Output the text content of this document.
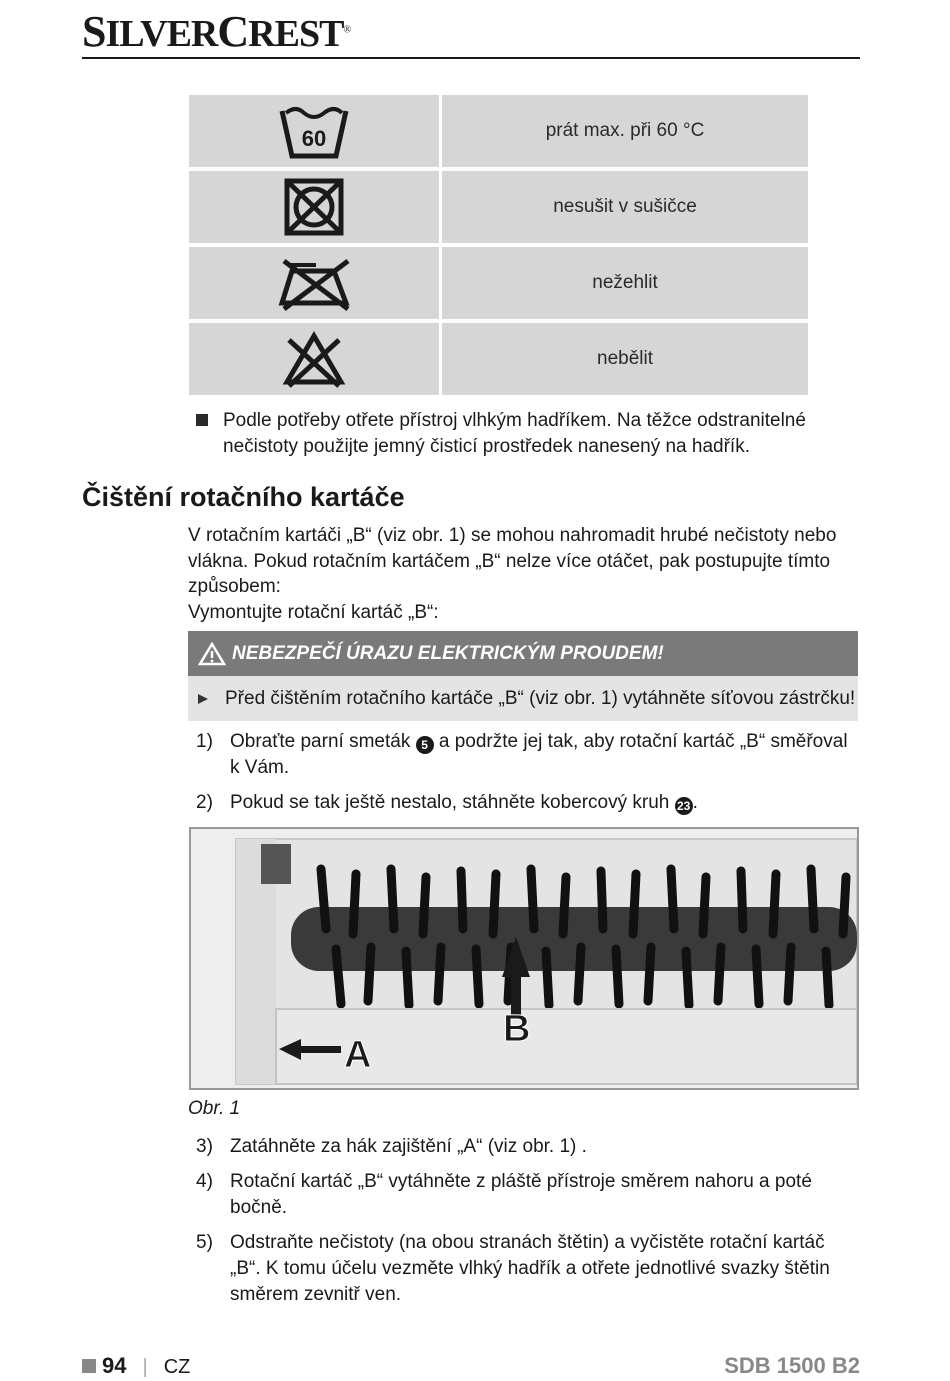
SILVERCREST®
60	prát max. při 60 °C
nesušit v sušičce
nežehlit
nebělit
Podle potřeby otřete přístroj vlhkým hadříkem. Na těžce odstranitelné nečistoty použijte jemný čisticí prostředek nanesený na hadřík.
Čištění rotačního kartáče
V rotačním kartáči „B“ (viz obr. 1) se mohou nahromadit hrubé nečistoty nebo vlákna. Pokud rotačním kartáčem „B“ nelze více otáčet, pak postupujte tímto způsobem:
Vymontujte rotační kartáč „B“:
NEBEZPEČÍ ÚRAZU ELEKTRICKÝM PROUDEM!
Před čištěním rotačního kartáče „B“ (viz obr. 1) vytáhněte síťovou zástrčku!
1) Obraťte parní smeták 5 a podržte jej tak, aby rotační kartáč „B“ směřoval k Vám.
2) Pokud se tak ještě nestalo, stáhněte kobercový kruh 23 .
A
B
Obr. 1
3) Zatáhněte za hák zajištění „A“ (viz obr. 1) .
4) Rotační kartáč „B“ vytáhněte z pláště přístroje směrem nahoru a poté bočně.
5) Odstraňte nečistoty (na obou stranách štětin) a vyčistěte rotační kartáč „B“. K tomu účelu vezměte vlhký hadřík a otřete jednotlivé svazky štětin směrem zevnitř ven.
94 | CZ	SDB 1500 B2
